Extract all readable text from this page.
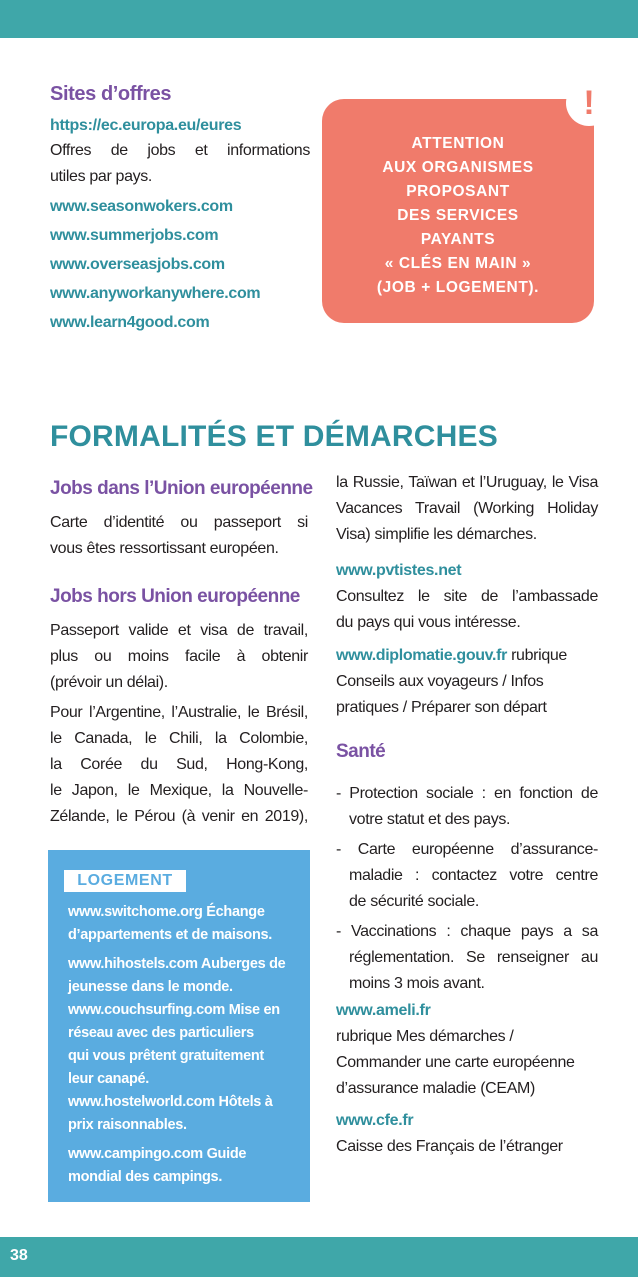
Sites d’offres
https://ec.europa.eu/eures
Offres de jobs et informations
utiles par pays.
www.seasonwokers.com
www.summerjobs.com
www.overseasjobs.com
www.anyworkanywhere.com
www.learn4good.com
ATTENTION
AUX ORGANISMES
PROPOSANT
DES SERVICES
PAYANTS
« CLÉS EN MAIN »
(JOB + LOGEMENT).
!
FORMALITÉS ET DÉMARCHES
Jobs dans l’Union européenne
Carte d’identité ou passeport si
vous êtes ressortissant européen.
Jobs hors Union européenne
Passeport valide et visa de travail,
plus ou moins facile à obtenir
(prévoir un délai).
Pour l’Argentine, l’Australie, le Brésil,
le Canada, le Chili, la Colombie,
la Corée du Sud, Hong-Kong,
le Japon, le Mexique, la Nouvelle-
Zélande, le Pérou (à venir en 2019),
LOGEMENT
www.switchome.org Échange
d’appartements et de maisons.
www.hihostels.com Auberges de
jeunesse dans le monde.
www.couchsurfing.com Mise en
réseau avec des particuliers
qui vous prêtent gratuitement
leur canapé.
www.hostelworld.com Hôtels à
prix raisonnables.
www.campingo.com Guide
mondial des campings.
la Russie, Taïwan et l’Uruguay, le Visa
Vacances Travail (Working Holiday
Visa) simplifie les démarches.
www.pvtistes.net
Consultez le site de l’ambassade
du pays qui vous intéresse.
www.diplomatie.gouv.fr rubrique
Conseils aux voyageurs / Infos
pratiques / Préparer son départ
Santé
- Protection sociale : en fonction de
votre statut et des pays.
- Carte européenne d’assurance-
maladie : contactez votre centre
de sécurité sociale.
- Vaccinations : chaque pays a sa
réglementation. Se renseigner au
moins 3 mois avant.
www.ameli.fr
rubrique Mes démarches /
Commander une carte européenne
d’assurance maladie (CEAM)
www.cfe.fr
Caisse des Français de l’étranger
38
